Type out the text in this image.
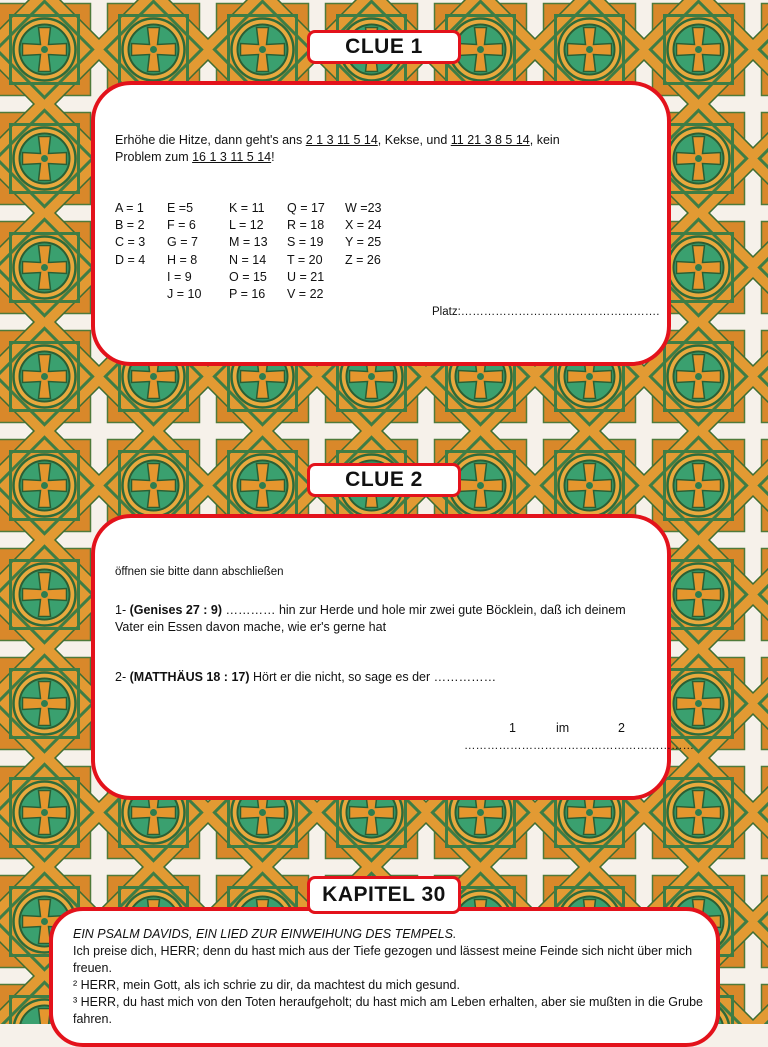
CLUE 1
Erhöhe die Hitze, dann geht's ans 2 1 3 11 5 14, Kekse, und 11 21 3 8 5 14, kein
Problem zum 16 1 3 11 5 14!
A = 1
B = 2
C = 3
D = 4
E =5
F = 6
G = 7
H = 8
I = 9
J = 10
K = 11
L = 12
M = 13
N = 14
O = 15
P = 16
Q = 17
R = 18
S = 19
T = 20
U = 21
V = 22
W =23
X = 24
Y = 25
Z = 26
Platz:…………………………………………….
CLUE 2
öffnen sie bitte dann abschließen
1- (Genises 27 : 9) ………… hin zur Herde und hole mir zwei gute Böcklein, daß ich deinem
Vater ein Essen davon mache, wie er's gerne hat
2- (MATTHÄUS 18 : 17) Hört er die nicht, so sage es der ……………
1	im	2
……………………………………………………
KAPITEL 30

EIN PSALM DAVIDS, EIN LIED ZUR EINWEIHUNG DES TEMPELS.

Ich preise dich, HERR; denn du hast mich aus der Tiefe gezogen und lässest meine Feinde sich nicht über mich freuen.

² HERR, mein Gott, als ich schrie zu dir, da machtest du mich gesund.

³ HERR, du hast mich von den Toten heraufgeholt; du hast mich am Leben erhalten, aber sie mußten in die Grube fahren.
